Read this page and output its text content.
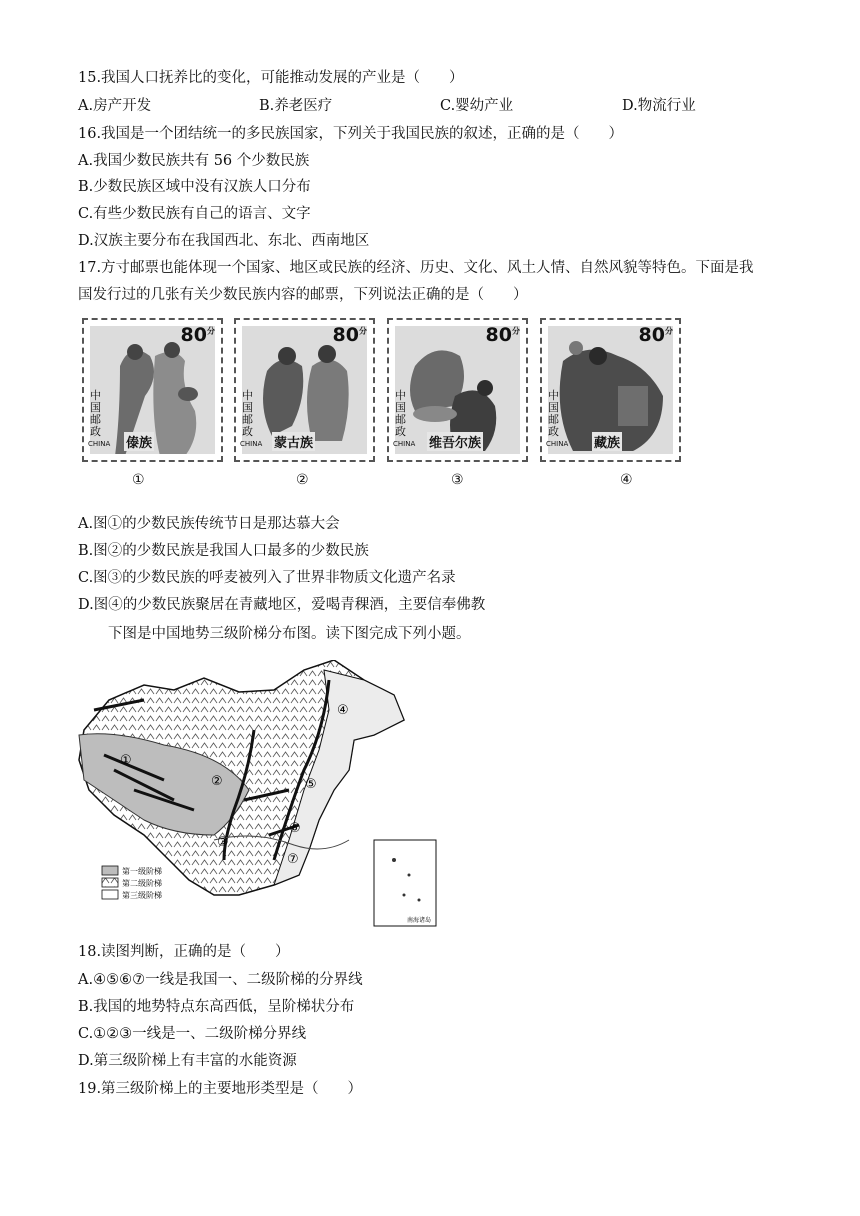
15.我国人口抚养比的变化，可能推动发展的产业是（　　）
A.房产开发	B.养老医疗	C.婴幼产业	D.物流行业
16.我国是一个团结统一的多民族国家，下列关于我国民族的叙述，正确的是（　　）
A.我国少数民族共有 56 个少数民族
B.少数民族区域中没有汉族人口分布
C.有些少数民族有自己的语言、文字
D.汉族主要分布在我国西北、东北、西南地区
17.方寸邮票也能体现一个国家、地区或民族的经济、历史、文化、风土人情、自然风貌等特色。下面是我
国发行过的几张有关少数民族内容的邮票，下列说法正确的是（　　）
$80^分$
中国邮政
CHINA 傣族
①
$80^分$
中国邮政
CHINA 蒙古族
②
$80^分$
中国邮政
CHINA 维吾尔族
③
$80^分$
中国邮政
CHINA 藏族
④
A.图①的少数民族传统节日是那达慕大会
B.图②的少数民族是我国人口最多的少数民族
C.图③的少数民族的呼麦被列入了世界非物质文化遗产名录
D.图④的少数民族聚居在青藏地区，爱喝青稞酒，主要信奉佛教
下图是中国地势三级阶梯分布图。读下图完成下列小题。
第一级阶梯
第二级阶梯
第三级阶梯
南海诸岛
①
②
③
④
⑤
⑥
⑦
18.读图判断，正确的是（　　）
A.④⑤⑥⑦一线是我国一、二级阶梯的分界线
B.我国的地势特点东高西低，呈阶梯状分布
C.①②③一线是一、二级阶梯分界线
D.第三级阶梯上有丰富的水能资源
19.第三级阶梯上的主要地形类型是（　　）
